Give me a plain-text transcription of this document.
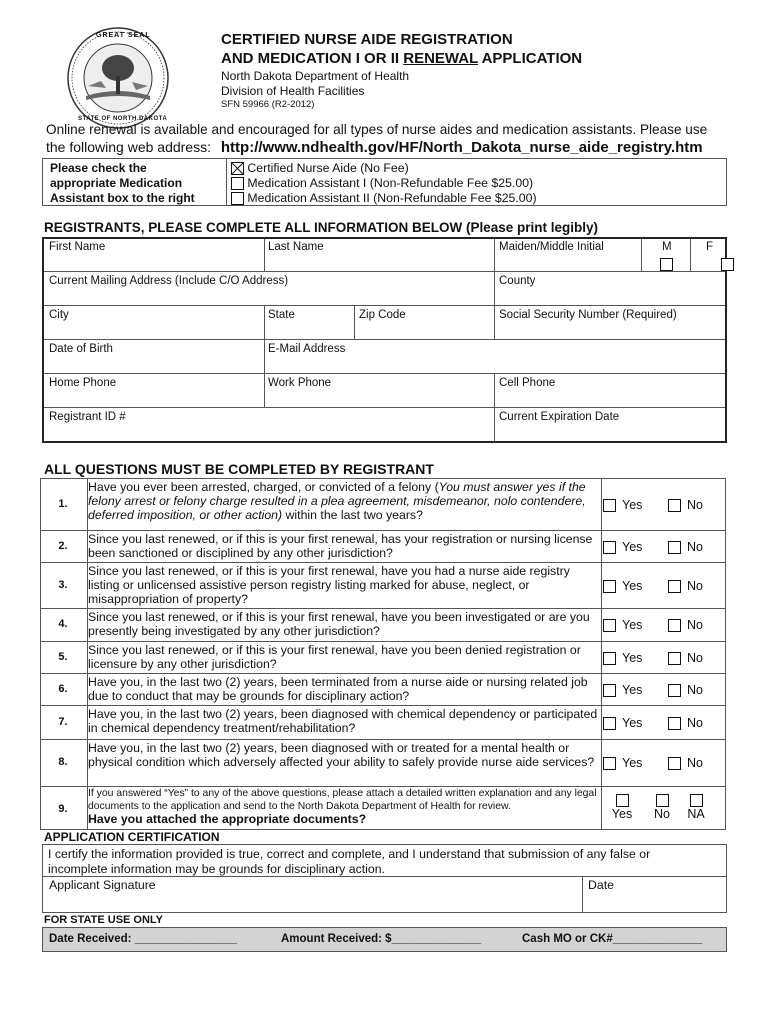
GREAT SEAL
STATE OF NORTH DAKOTA
CERTIFIED NURSE AIDE REGISTRATION
AND MEDICATION I OR II RENEWAL APPLICATION
North Dakota Department of Health
Division of Health Facilities
SFN 59966 (R2-2012)
Online renewal is available and encouraged for all types of nurse aides and medication assistants. Please use
the following web address: http://www.ndhealth.gov/HF/North_Dakota_nurse_aide_registry.htm
Please check the
appropriate Medication
Assistant box to the right
Certified Nurse Aide (No Fee)
Medication Assistant I (Non-Refundable Fee $25.00)
Medication Assistant II (Non-Refundable Fee $25.00)
REGISTRANTS, PLEASE COMPLETE ALL INFORMATION BELOW (Please print legibly)
First Name	Last Name	Maiden/Middle Initial	M	F

Current Mailing Address (Include C/O Address)	County
City	State	Zip Code	Social Security Number (Required)
Date of Birth	E-Mail Address
Home Phone	Work Phone	Cell Phone
Registrant ID #	Current Expiration Date
ALL QUESTIONS MUST BE COMPLETED BY REGISTRANT
1.
Have you ever been arrested, charged, or convicted of a felony (You must answer yes if the felony arrest or felony charge resulted in a plea agreement, misdemeanor, nolo contendere, deferred imposition, or other action) within the last two years?
Yes	No
2.	Since you last renewed, or if this is your first renewal, has your registration or nursing license been sanctioned or disciplined by any other jurisdiction?	Yes	No
3.
Since you last renewed, or if this is your first renewal, have you had a nurse aide registry listing or unlicensed assistive person registry listing marked for abuse, neglect, or misappropriation of property?
Yes	No
4.	Since you last renewed, or if this is your first renewal, have you been investigated or are you presently being investigated by any other jurisdiction?	Yes	No
5.	Since you last renewed, or if this is your first renewal, have you been denied registration or licensure by any other jurisdiction?	Yes	No
6.	Have you, in the last two (2) years, been terminated from a nurse aide or nursing related job due to conduct that may be grounds for disciplinary action?	Yes	No
7.
Have you, in the last two (2) years, been diagnosed with chemical dependency or participated in chemical dependency treatment/rehabilitation?	Yes	No
8.
Have you, in the last two (2) years, been diagnosed with or treated for a mental health or physical condition which adversely affected your ability to safely provide nurse aide services?	Yes	No
9.
If you answered “Yes” to any of the above questions, please attach a detailed written explanation and any legal documents to the application and send to the North Dakota Department of Health for review.
Have you attached the appropriate documents?	Yes	No	NA
APPLICATION CERTIFICATION
I certify the information provided is true, correct and complete, and I understand that submission of any false or incomplete information may be grounds for disciplinary action.
Applicant Signature	Date
FOR STATE USE ONLY
Date Received: ________________	Amount Received: $______________	Cash MO or CK#______________
